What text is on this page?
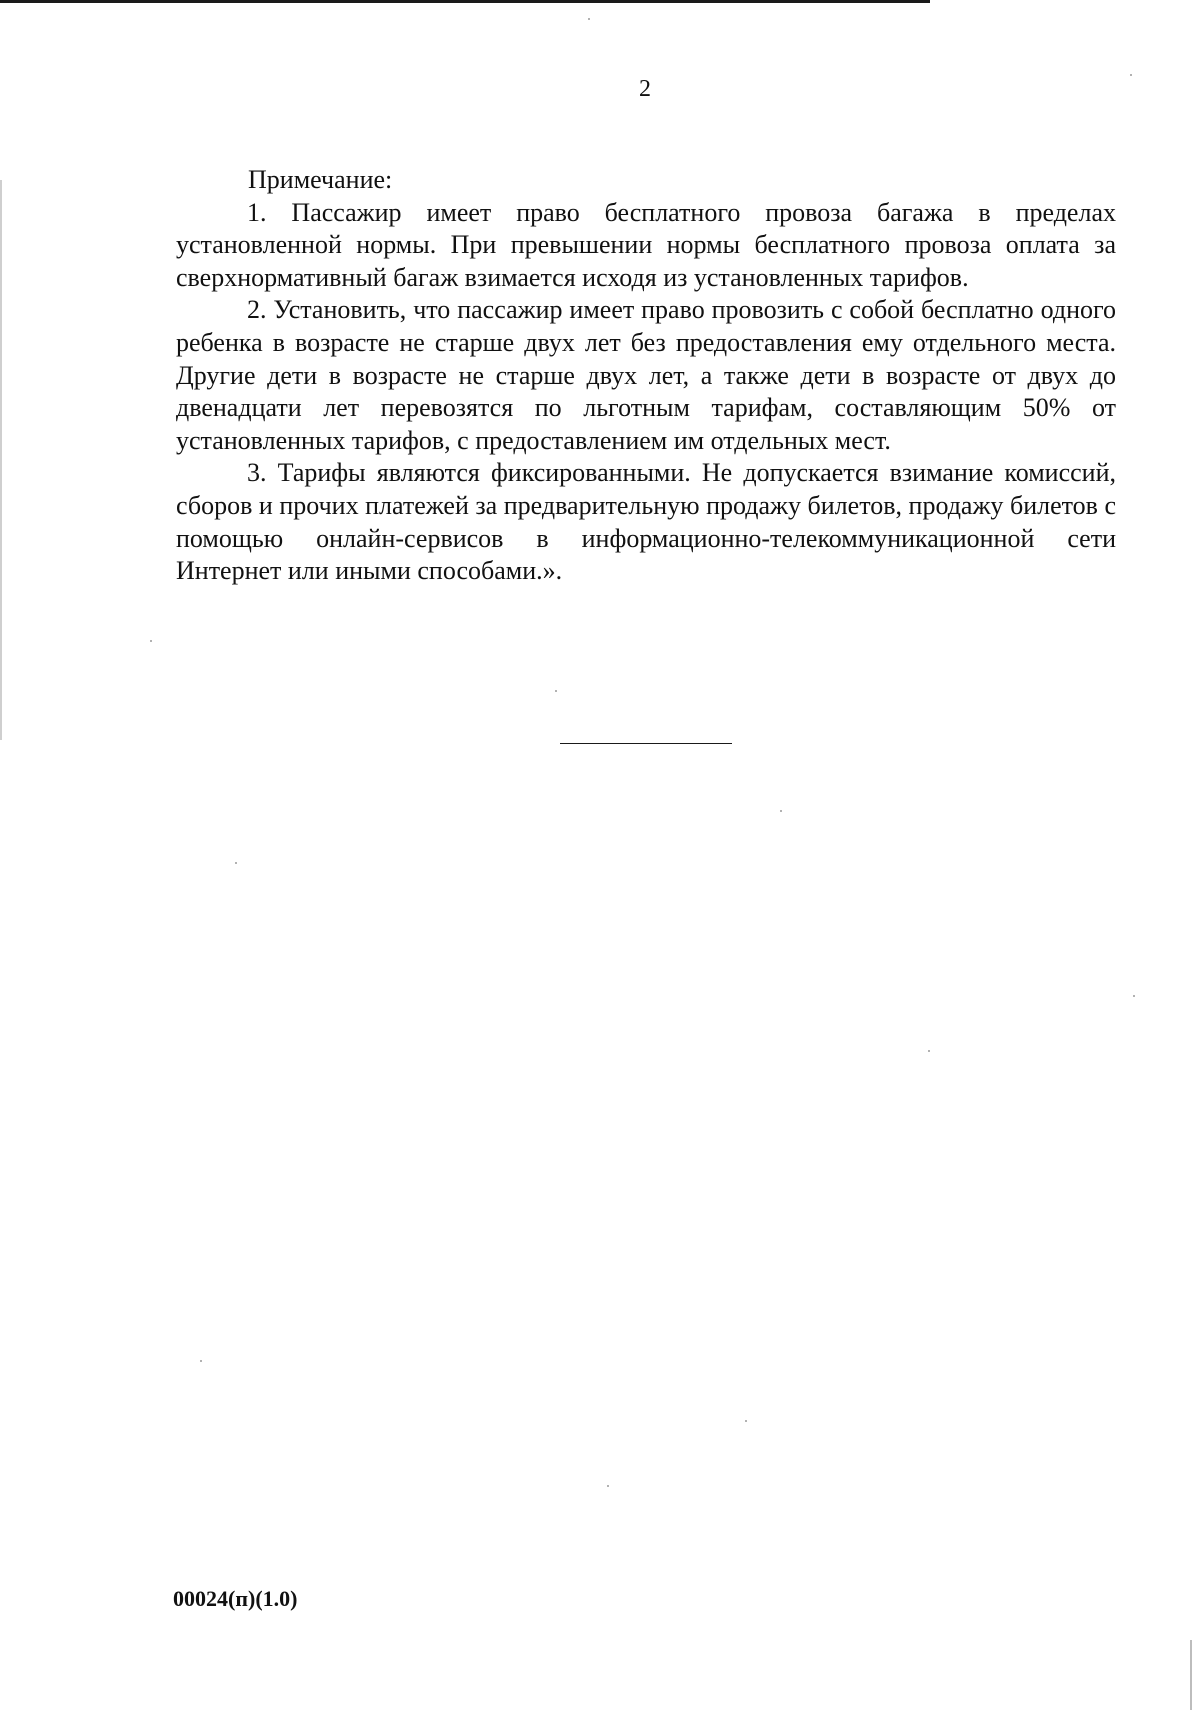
2

Примечание:

1. Пассажир имеет право бесплатного провоза багажа в пределах установленной нормы. При превышении нормы бесплатного провоза оплата за сверхнормативный багаж взимается исходя из установленных тарифов.

2. Установить, что пассажир имеет право провозить с собой бесплатно одного ребенка в возрасте не старше двух лет без предоставления ему отдельного места. Другие дети в возрасте не старше двух лет, а также дети в возрасте от двух до двенадцати лет перевозятся по льготным тарифам, составляющим 50% от установленных тарифов, с предоставлением им отдельных мест.

3. Тарифы являются фиксированными. Не допускается взимание комиссий, сборов и прочих платежей за предварительную продажу билетов, продажу билетов с помощью онлайн-сервисов в информационно-телекоммуникационной сети Интернет или иными способами.».

00024(п)(1.0)
